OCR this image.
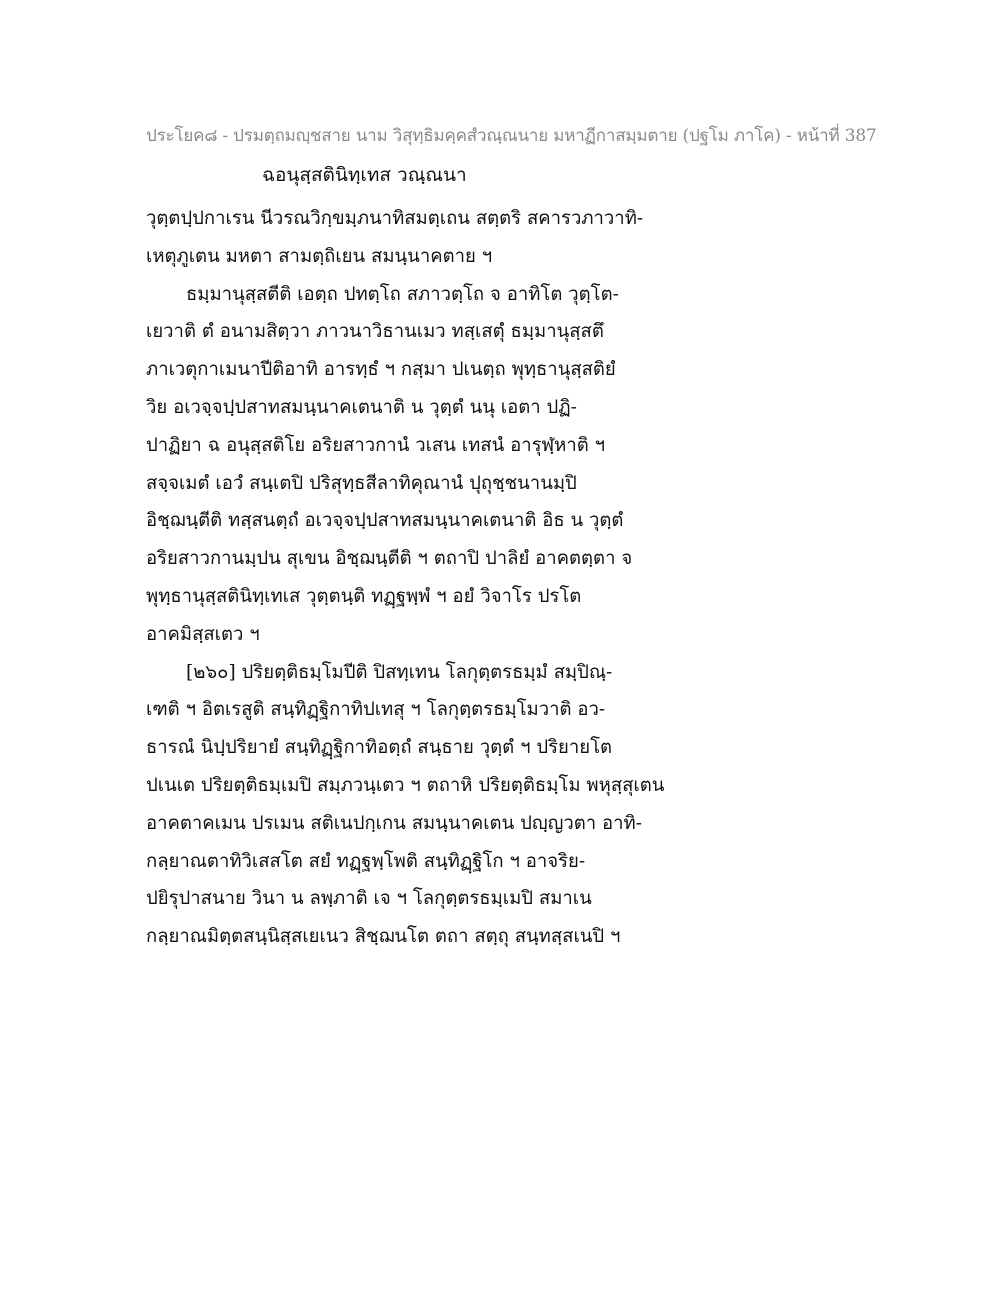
ประโยค๘ - ปรมตฺถมญฺชสาย นาม วิสุทฺธิมคฺคสํวณฺณนาย มหาฏีกาสมฺมตาย (ปฐโม ภาโค) - หน้าที่ 387
ฉอนุสฺสตินิทฺเทส วณฺณนา
วุตฺตปฺปกาเรน นีวรณวิกฺขมฺภนาทิสมตฺเถน สตฺตริ สคารวภาวาทิ-
เหตุภูเตน มหตา สามตฺถิเยน สมนฺนาคตาย ฯ
ธมฺมานุสฺสตีติ เอตฺถ ปทตฺโถ สภาวตฺโถ จ อาทิโต วุตฺโต-
เยวาติ ตํ อนามสิตฺวา ภาวนาวิธานเมว ทสฺเสตุํ ธมฺมานุสฺสตึ
ภาเวตุกาเมนาปีติอาทิ อารทฺธํ ฯ กสฺมา ปเนตฺถ พุทฺธานุสฺสติยํ
วิย อเวจฺจปฺปสาทสมนฺนาคเตนาติ น วุตฺตํ นนุ เอตา ปฏิ-
ปาฏิยา ฉ อนุสฺสติโย อริยสาวกานํ วเสน เทสนํ อารุฬฺหาติ ฯ
สจฺจเมตํ เอวํ สนฺเตปิ ปริสุทฺธสีลาทิคุณานํ ปุถุชฺชนานมฺปิ
อิชฺฌนฺตีติ ทสฺสนตฺถํ อเวจฺจปฺปสาทสมนฺนาคเตนาติ อิธ น วุตฺตํ
อริยสาวกานมฺปน สุเขน อิชฺฌนฺตีติ ฯ ตถาปิ ปาลิยํ อาคตตฺตา จ
พุทฺธานุสฺสตินิทฺเทเส วุตฺตนฺติ ทฏฺฐพฺพํ ฯ อยํ วิจาโร ปรโต
อาคมิสฺสเตว ฯ
[๒๖๐] ปริยตฺติธมฺโมปีติ ปิสทฺเทน โลกุตฺตรธมฺมํ สมฺปิณฺ-
เฑติ ฯ อิตเรสูติ สนฺทิฏฺฐิกาทิปเทสุ ฯ โลกุตฺตรธมฺโมวาติ อว-
ธารณํ นิปฺปริยายํ สนฺทิฏฺฐิกาทิอตฺถํ สนฺธาย วุตฺตํ ฯ ปริยายโต
ปเนเต ปริยตฺติธมฺเมปิ สมฺภวนฺเตว ฯ ตถาหิ ปริยตฺติธมฺโม พหุสฺสุเตน
อาคตาคเมน ปรเมน สติเนปกฺเกน สมนฺนาคเตน ปญฺญวตา อาทิ-
กลฺยาณตาทิวิเสสโต สยํ ทฏฺฐพฺโพติ สนฺทิฏฺฐิโก ฯ อาจริย-
ปยิรุปาสนาย วินา น ลพฺภาติ เจ ฯ โลกุตฺตรธมฺเมปิ สมาเน
กลฺยาณมิตฺตสนฺนิสฺสเยเนว สิชฺฌนโต ตถา สตฺถุ สนฺทสฺสเนปิ ฯ
